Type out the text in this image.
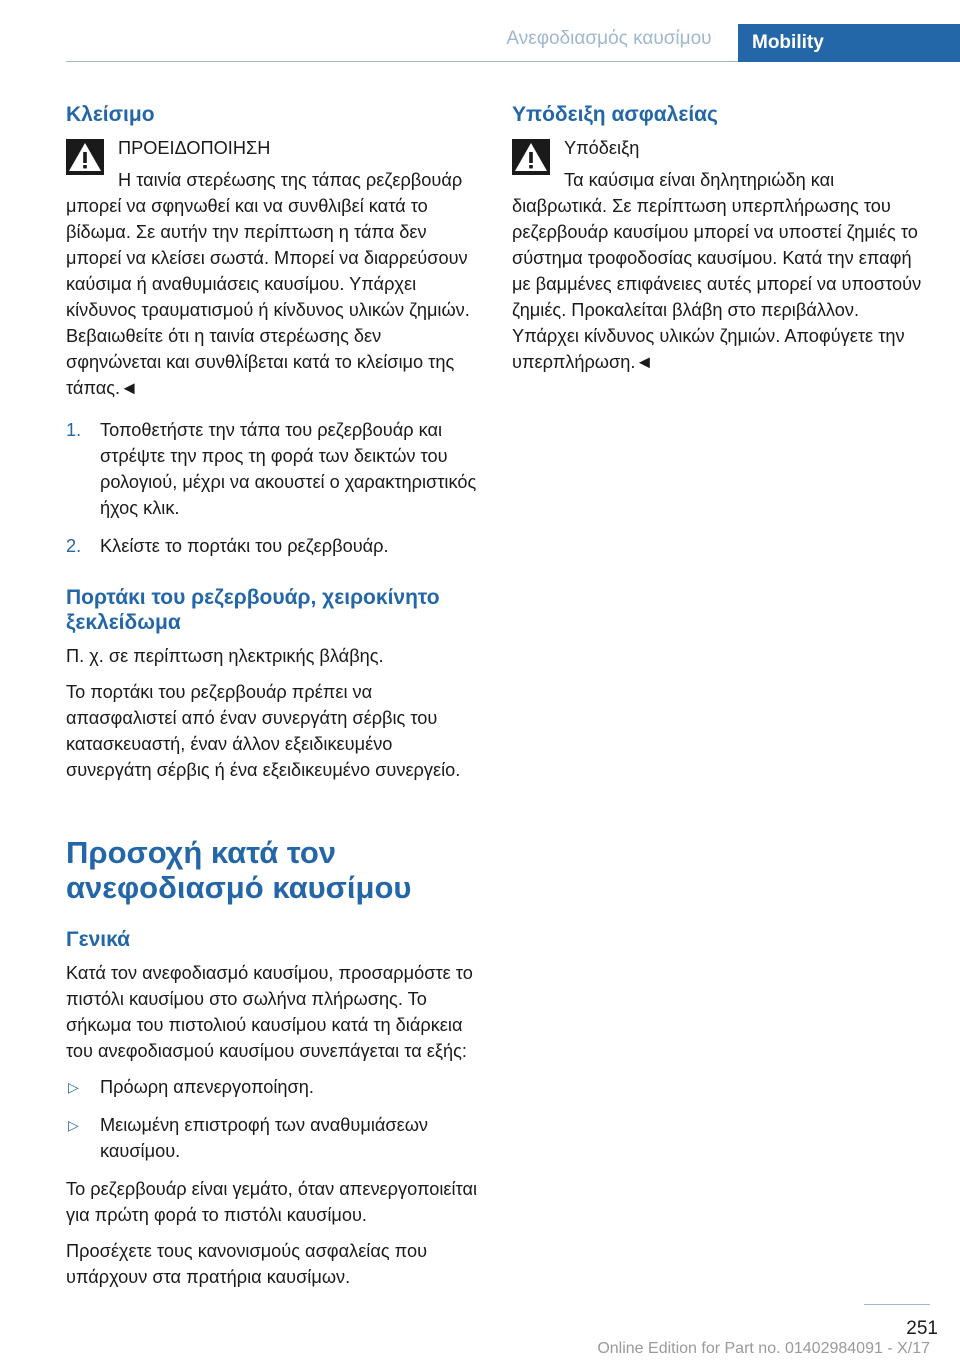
Ανεφοδιασμός καυσίμου	Mobility
Κλείσιμο
ΠΡΟΕΙΔΟΠΟΙΗΣΗ
Η ταινία στερέωσης της τάπας ρεζερβουάρ μπορεί να σφηνωθεί και να συνθλιβεί κατά το βίδωμα. Σε αυτήν την περίπτωση η τάπα δεν μπορεί να κλείσει σωστά. Μπορεί να διαρρεύσουν καύσιμα ή αναθυμιάσεις καυσίμου. Υπάρχει κίνδυνος τραυματισμού ή κίνδυνος υλικών ζημιών. Βεβαιωθείτε ότι η ταινία στερέωσης δεν σφηνώνεται και συνθλίβεται κατά το κλείσιμο της τάπας.◄
1. Τοποθετήστε την τάπα του ρεζερβουάρ και στρέψτε την προς τη φορά των δεικτών του ρολογιού, μέχρι να ακουστεί ο χαρακτηριστικός ήχος κλικ.
2. Κλείστε το πορτάκι του ρεζερβουάρ.
Πορτάκι του ρεζερβουάρ, χειροκίνητο ξεκλείδωμα

Π. χ. σε περίπτωση ηλεκτρικής βλάβης.

Το πορτάκι του ρεζερβουάρ πρέπει να απασφαλιστεί από έναν συνεργάτη σέρβις του κατασκευαστή, έναν άλλον εξειδικευμένο συνεργάτη σέρβις ή ένα εξειδικευμένο συνεργείο.

Προσοχή κατά τον ανεφοδιασμό καυσίμου
Γενικά

Κατά τον ανεφοδιασμό καυσίμου, προσαρμόστε το πιστόλι καυσίμου στο σωλήνα πλήρωσης. Το σήκωμα του πιστολιού καυσίμου κατά τη διάρκεια του ανεφοδιασμού καυσίμου συνεπάγεται τα εξής:

▷ Πρόωρη απενεργοποίηση.
▷ Μειωμένη επιστροφή των αναθυμιάσεων καυσίμου.

Το ρεζερβουάρ είναι γεμάτο, όταν απενεργοποιείται για πρώτη φορά το πιστόλι καυσίμου.

Προσέχετε τους κανονισμούς ασφαλείας που υπάρχουν στα πρατήρια καυσίμων.

Υπόδειξη ασφαλείας
Υπόδειξη
Τα καύσιμα είναι δηλητηριώδη και διαβρωτικά. Σε περίπτωση υπερπλήρωσης του ρεζερβουάρ καυσίμου μπορεί να υποστεί ζημιές το σύστημα τροφοδοσίας καυσίμου. Κατά την επαφή με βαμμένες επιφάνειες αυτές μπορεί να υποστούν ζημιές. Προκαλείται βλάβη στο περιβάλλον. Υπάρχει κίνδυνος υλικών ζημιών. Αποφύγετε την υπερπλήρωση.◄
251
Online Edition for Part no. 01402984091 - X/17
